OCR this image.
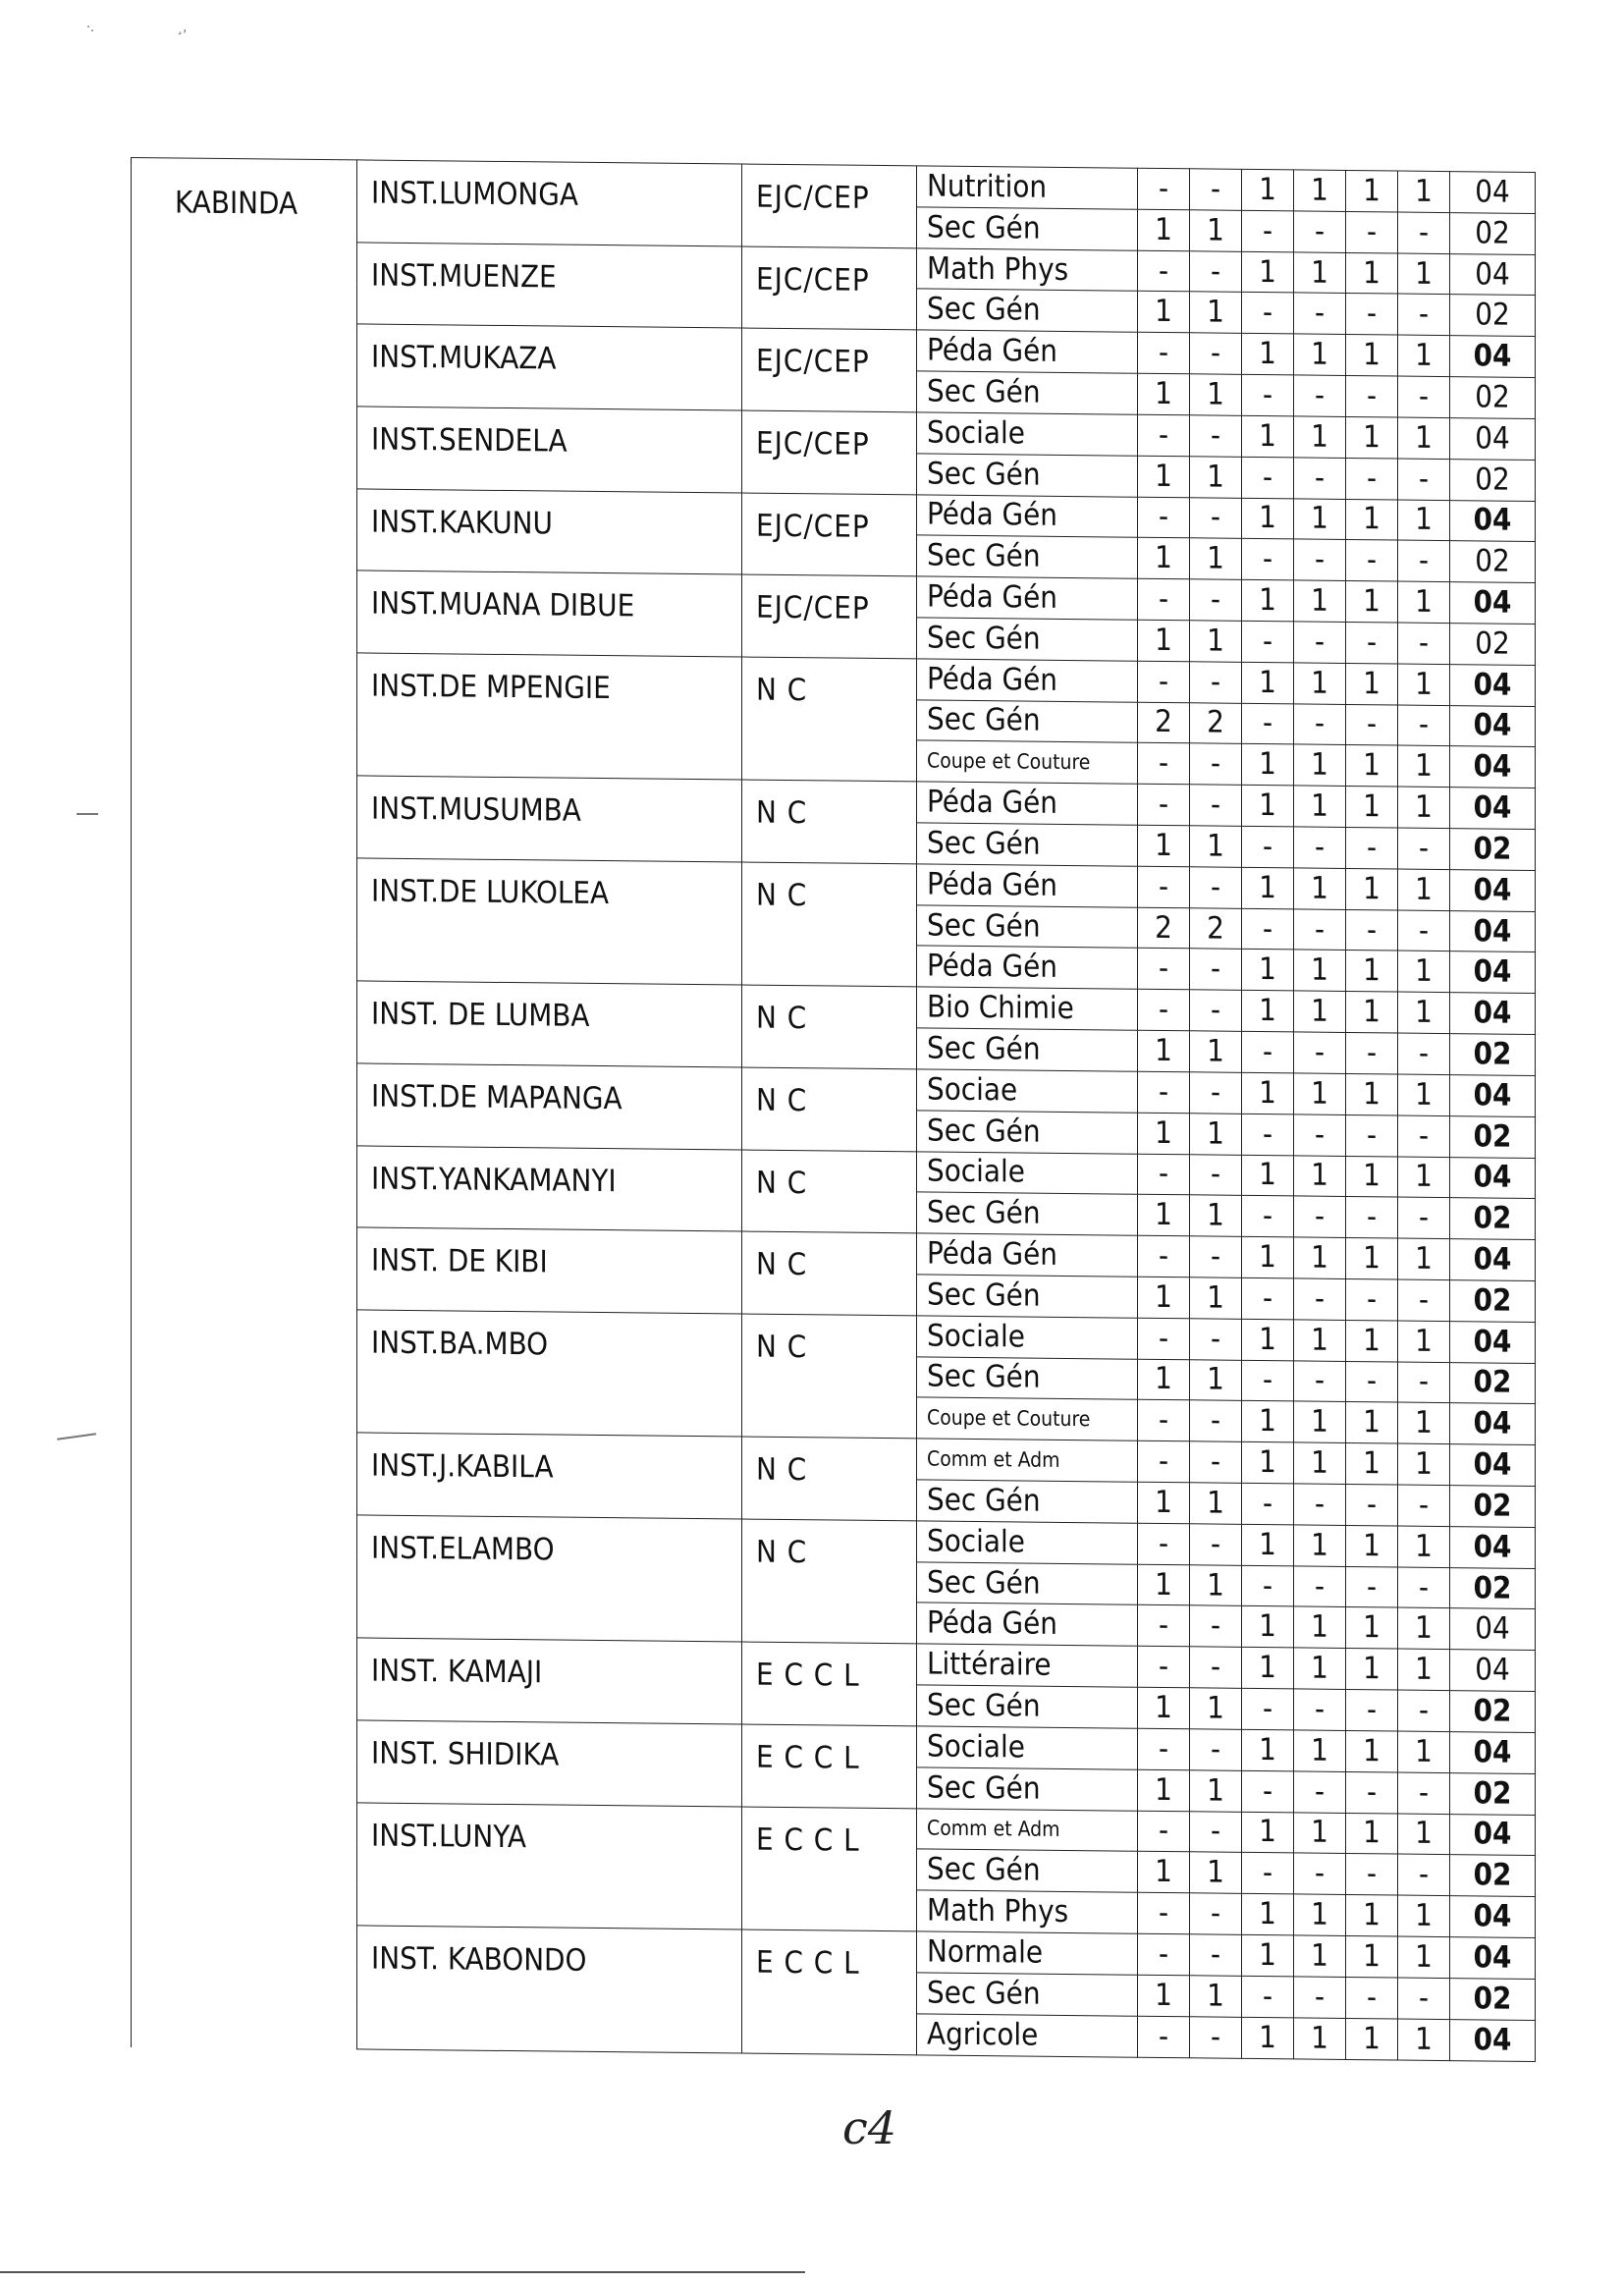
·.	¸,
KABINDA	INST.LUMONGA	EJC/CEP	Nutrition	-	-	1	1	1	1	04
			Sec Gén	1	1	-	-	-	-	02
	INST.MUENZE	EJC/CEP	Math Phys	-	-	1	1	1	1	04
			Sec Gén	1	1	-	-	-	-	02
	INST.MUKAZA	EJC/CEP	Péda Gén	-	-	1	1	1	1	04
			Sec Gén	1	1	-	-	-	-	02
	INST.SENDELA	EJC/CEP	Sociale	-	-	1	1	1	1	04
			Sec Gén	1	1	-	-	-	-	02
	INST.KAKUNU	EJC/CEP	Péda Gén	-	-	1	1	1	1	04
			Sec Gén	1	1	-	-	-	-	02
	INST.MUANA DIBUE	EJC/CEP	Péda Gén	-	-	1	1	1	1	04
			Sec Gén	1	1	-	-	-	-	02
	INST.DE MPENGIE	N C	Péda Gén	-	-	1	1	1	1	04
			Sec Gén	2	2	-	-	-	-	04
			Coupe et Couture	-	-	1	1	1	1	04
	INST.MUSUMBA	N C	Péda Gén	-	-	1	1	1	1	04
			Sec Gén	1	1	-	-	-	-	02
	INST.DE LUKOLEA	N C	Péda Gén	-	-	1	1	1	1	04
			Sec Gén	2	2	-	-	-	-	04
			Péda Gén	-	-	1	1	1	1	04
	INST. DE LUMBA	N C	Bio Chimie	-	-	1	1	1	1	04
			Sec Gén	1	1	-	-	-	-	02
	INST.DE MAPANGA	N C	Sociae	-	-	1	1	1	1	04
			Sec Gén	1	1	-	-	-	-	02
	INST.YANKAMANYI	N C	Sociale	-	-	1	1	1	1	04
			Sec Gén	1	1	-	-	-	-	02
	INST. DE KIBI	N C	Péda Gén	-	-	1	1	1	1	04
			Sec Gén	1	1	-	-	-	-	02
	INST.BA.MBO	N C	Sociale	-	-	1	1	1	1	04
			Sec Gén	1	1	-	-	-	-	02
			Coupe et Couture	-	-	1	1	1	1	04
	INST.J.KABILA	N C	Comm et Adm	-	-	1	1	1	1	04
			Sec Gén	1	1	-	-	-	-	02
	INST.ELAMBO	N C	Sociale	-	-	1	1	1	1	04
			Sec Gén	1	1	-	-	-	-	02
			Péda Gén	-	-	1	1	1	1	04
	INST. KAMAJI	E C C L	Littéraire	-	-	1	1	1	1	04
			Sec Gén	1	1	-	-	-	-	02
	INST. SHIDIKA	E C C L	Sociale	-	-	1	1	1	1	04
			Sec Gén	1	1	-	-	-	-	02
	INST.LUNYA	E C C L	Comm et Adm	-	-	1	1	1	1	04
			Sec Gén	1	1	-	-	-	-	02
			Math Phys	-	-	1	1	1	1	04
	INST. KABONDO	E C C L	Normale	-	-	1	1	1	1	04
			Sec Gén	1	1	-	-	-	-	02
			Agricole	-	-	1	1	1	1	04
c4
